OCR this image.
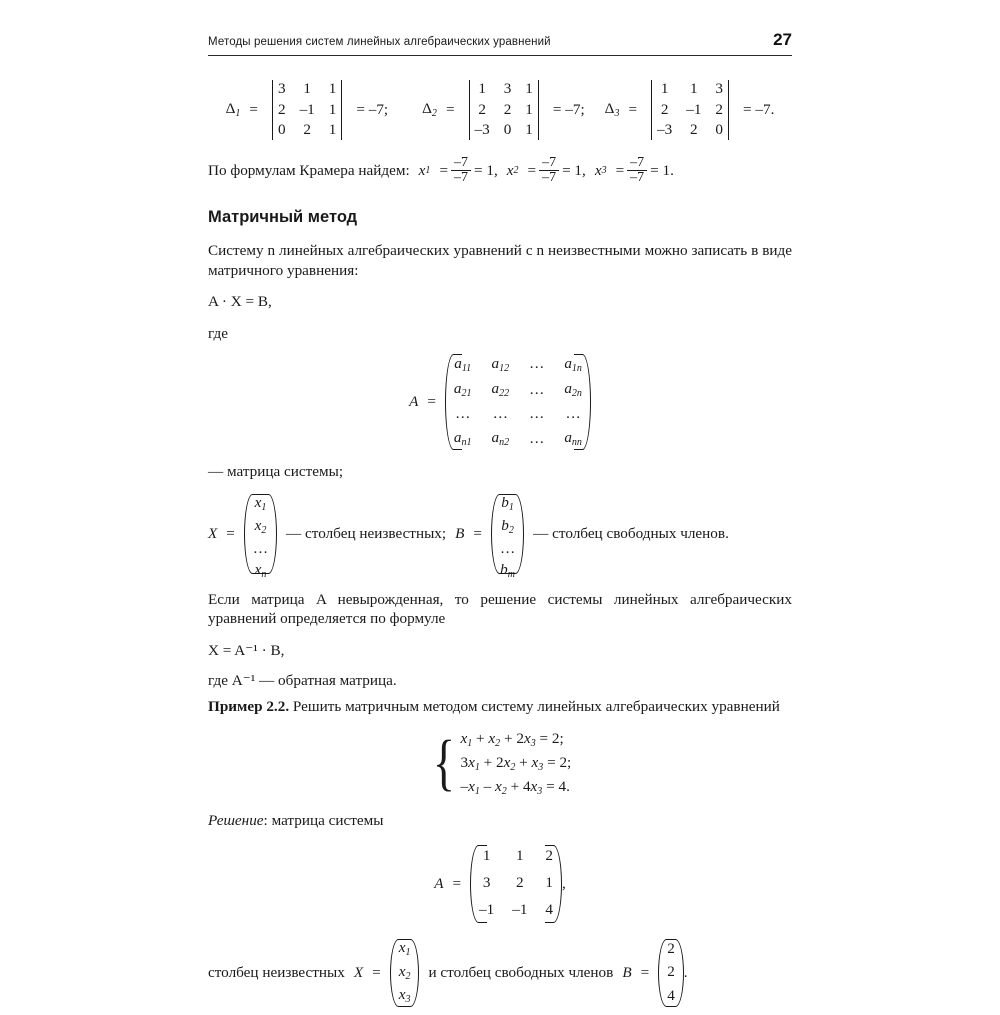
Методы решения систем линейных алгебраических уравнений	27
$\Delta_1$ =
3 1 1
2 –1 1
0 2 1
= –7; $\Delta_2$ =
1 3 1
2 2 1
–3 0 1
= –7; $\Delta_3$ =
1 1 3
2 –1 2
–3 2 0
= –7.
По формулам Крамера найдем: x $1 = \frac{-7}{-7} = 1$, x $2 = \frac{-7}{-7} = 1$, x $3 = \frac{-7}{-7} = 1$.
Матричный метод

Систему n линейных алгебраических уравнений с n неизвестными можно записать в виде матричного уравнения:

A · X = B,

где

A =
$a_{11}$ $a_{12}$ … $a_{1n}$
$a_{21}$ $a_{22}$ … $a_{2n}$
… … … …
$a_{n1}$ $a_{n2}$ … $a_{nn}$

— матрица системы;

X =
$x_1$
$x_2$
…
$x_n$
— столбец неизвестных; B =
$b_1$
$b_2$
…
$b_m$
— столбец свободных членов.

Если матрица A невырожденная, то решение системы линейных алгебраических уравнений определяется по формуле

X = A⁻¹ · B,

где A⁻¹ — обратная матрица.

Пример 2.2. Решить матричным методом систему линейных алгебраических уравнений

{ $x_1 + x_2 + 2x_3 = 2$;
$3x_1 + 2x_2 + x_3 = 2$;
$-x_1 - x_2 + 4x_3 = 4$.

Решение: матрица системы

A =
1 1 2
3 2 1
–1 –1 4
,
столбец неизвестных X =
$x_1$
$x_2$
$x_3$
и столбец свободных членов B =
2
2
4
.
